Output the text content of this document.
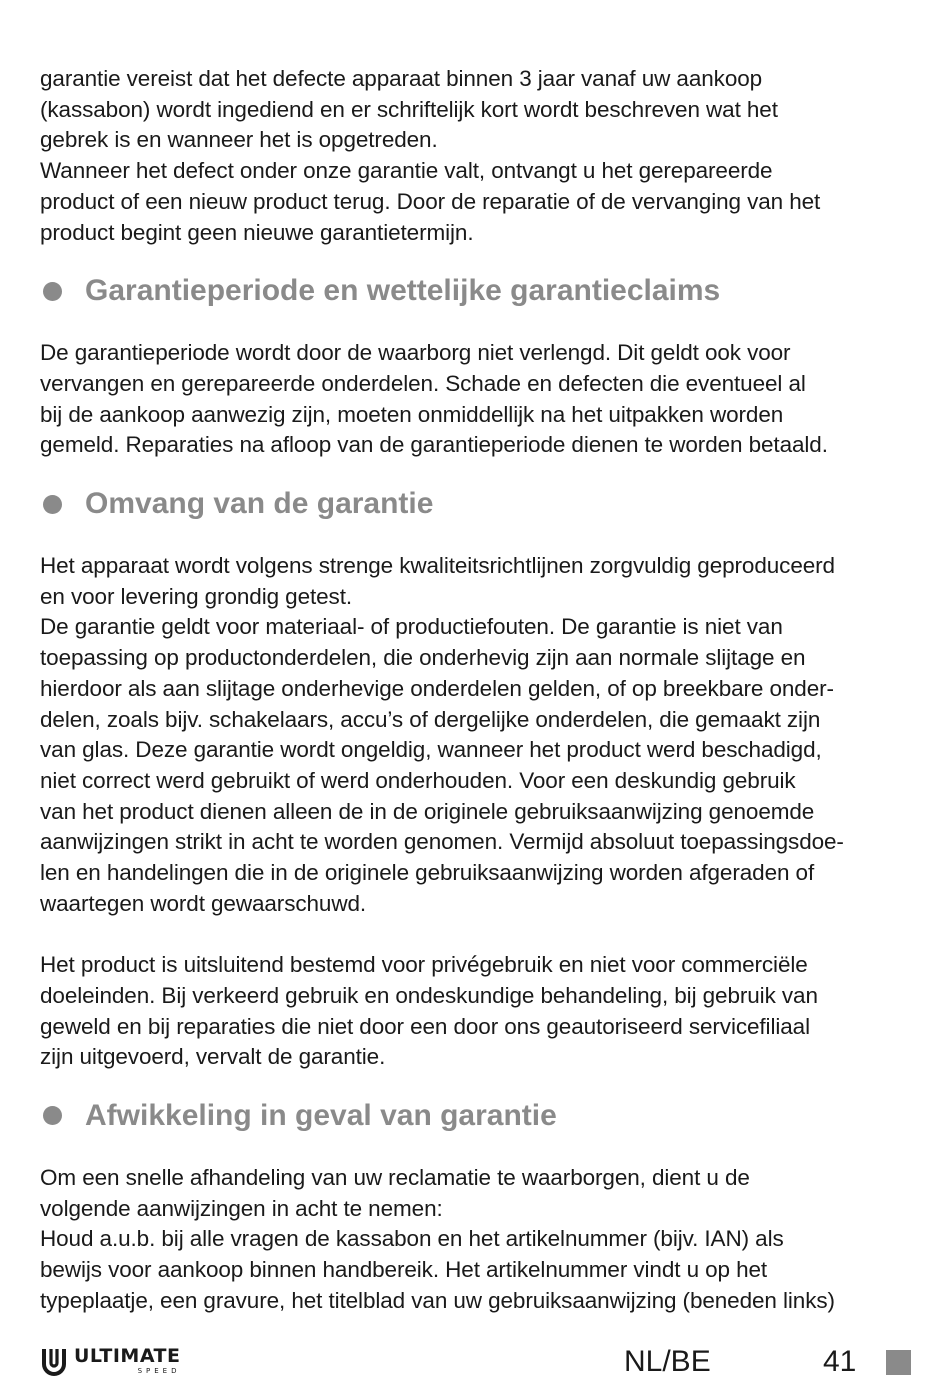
garantie vereist dat het defecte apparaat binnen 3 jaar vanaf uw aankoop

(kassabon) wordt ingediend en er schriftelijk kort wordt beschreven wat het

gebrek is en wanneer het is opgetreden.

Wanneer het defect onder onze garantie valt, ontvangt u het gerepareerde

product of een nieuw product terug. Door de reparatie of de vervanging van het

product begint geen nieuwe garantietermijn.

Garantieperiode en wettelijke garantieclaims

De garantieperiode wordt door de waarborg niet verlengd. Dit geldt ook voor

vervangen en gerepareerde onderdelen. Schade en defecten die eventueel al

bij de aankoop aanwezig zijn, moeten onmiddellijk na het uitpakken worden

gemeld. Reparaties na afloop van de garantieperiode dienen te worden betaald.

Omvang van de garantie

Het apparaat wordt volgens strenge kwaliteitsrichtlijnen zorgvuldig geproduceerd

en voor levering grondig getest.

De garantie geldt voor materiaal- of productiefouten. De garantie is niet van

toepassing op productonderdelen, die onderhevig zijn aan normale slijtage en

hierdoor als aan slijtage onderhevige onderdelen gelden, of op breekbare onder-

delen, zoals bijv. schakelaars, accu’s of dergelijke onderdelen, die gemaakt zijn

van glas. Deze garantie wordt ongeldig, wanneer het product werd beschadigd,

niet correct werd gebruikt of werd onderhouden. Voor een deskundig gebruik

van het product dienen alleen de in de originele gebruiksaanwijzing genoemde

aanwijzingen strikt in acht te worden genomen. Vermijd absoluut toepassingsdoe-

len en handelingen die in de originele gebruiksaanwijzing worden afgeraden of

waartegen wordt gewaarschuwd.

Het product is uitsluitend bestemd voor privégebruik en niet voor commerciële

doeleinden. Bij verkeerd gebruik en ondeskundige behandeling, bij gebruik van

geweld en bij reparaties die niet door een door ons geautoriseerd servicefiliaal

zijn uitgevoerd, vervalt de garantie.

Afwikkeling in geval van garantie

Om een snelle afhandeling van uw reclamatie te waarborgen, dient u de

volgende aanwijzingen in acht te nemen:

Houd a.u.b. bij alle vragen de kassabon en het artikelnummer (bijv. IAN) als

bewijs voor aankoop binnen handbereik. Het artikelnummer vindt u op het

typeplaatje, een gravure, het titelblad van uw gebruiksaanwijzing (beneden links)

ULTIMATE
SPEED	NL/BE	41
